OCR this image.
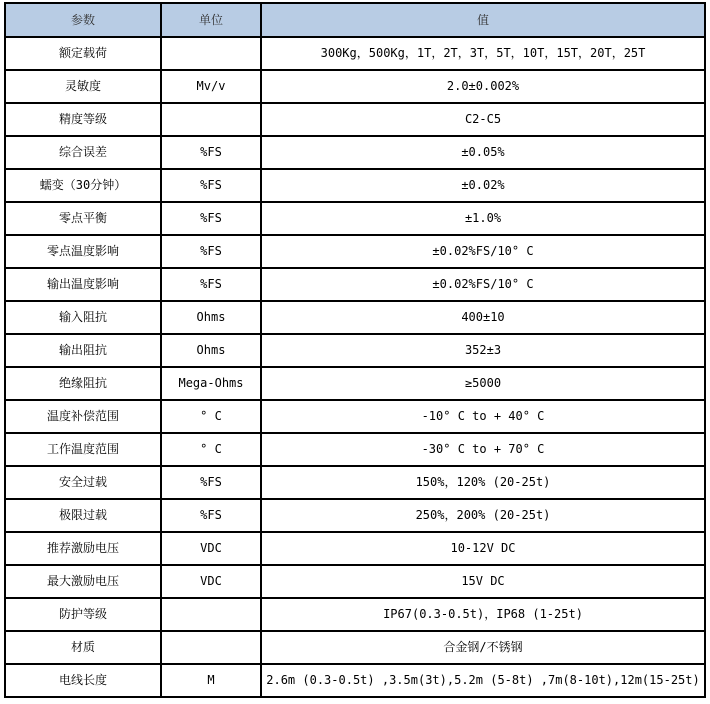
参数	单位	值
额定载荷		300Kg，500Kg，1T，2T，3T，5T，10T，15T，20T，25T
灵敏度	Mv/v	2.0±0.002%
精度等级		C2-C5
综合误差	%FS	±0.05%
蠕变（30分钟）	%FS	±0.02%
零点平衡	%FS	±1.0%
零点温度影响	%FS	±0.02%FS/10° C
输出温度影响	%FS	±0.02%FS/10° C
输入阻抗	Ohms	400±10
输出阻抗	Ohms	352±3
绝缘阻抗	Mega-Ohms	≥5000
温度补偿范围	° C	-10° C to + 40° C
工作温度范围	° C	-30° C to + 70° C
安全过载	%FS	150%，120% (20-25t)
极限过载	%FS	250%，200% (20-25t)
推荐激励电压	VDC	10-12V DC
最大激励电压	VDC	15V DC
防护等级		IP67(0.3-0.5t)，IP68 (1-25t)
材质		合金钢/不锈钢
电线长度	M	2.6m (0.3-0.5t) ,3.5m(3t),5.2m (5-8t) ,7m(8-10t),12m(15-25t)
